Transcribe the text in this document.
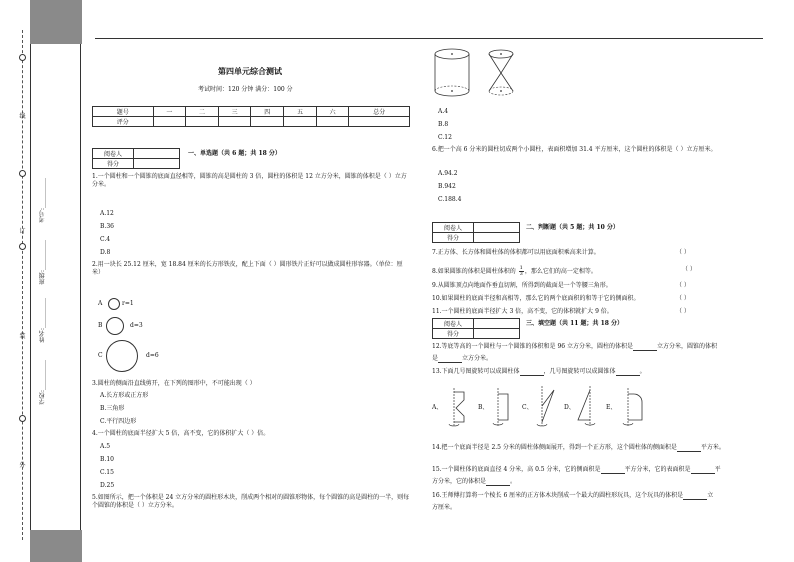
线
订
装
外
学校:__________
姓名:__________
班级:__________
考号:__________
第四单元综合测试
考试时间：120 分钟 满分：100 分
题号	一	二	三	四	五	六	总分
评分							
阅卷人	
得分	
一、单选题（共 6 题；共 18 分）
1.一个圆柱和一个圆锥的底面直径相等，圆锥的高是圆柱的 3 倍，圆柱的体积是 12 立方分米，圆锥的体积是（ ）立方分米。
A.12
B.36
C.4
D.8
2.用一块长 25.12 厘米，宽 18.84 厘米的长方形铁皮，配上下面（ ）圆形铁片正好可以做成圆柱形容器。（单位：厘米）
A	r=1
B	d=3
C	d=6
3.圆柱的侧面沿直线剪开，在下列的图形中，不可能出现（ ）
A.长方形或正方形
B.三角形
C.平行四边形
4.一个圆柱的底面半径扩大 5 倍，高不变，它的体积扩大（ ）倍。
A.5
B.10
C.15
D.25
5.如图所示，把一个体积是 24 立方分米的圆柱形木块，削成两个相对的圆锥形物体，每个圆锥的高是圆柱的一半，则每个圆锥的体积是（ ）立方分米。
A.4
B.8
C.12
6.把一个高 6 分米的圆柱切成两个小圆柱，表面积增加 31.4 平方厘米，这个圆柱的体积是（ ）立方厘米。
A.94.2
B.942
C.188.4
阅卷人	
得分	
二、判断题（共 5 题；共 10 分）
7.正方体、长方体和圆柱体的体积都可以用底面积乘高来计算。	（ ）
8.如果圆锥的体积是圆柱体积的 $\frac{1}{3}$，那么它们的高一定相等。	（ ）
9.从圆锥顶点向地面作垂直切割，所得到的截面是一个等腰三角形。	（ ）
10.如果圆柱的底面半径和高相等，那么它的两个底面积的和等于它的侧面积。	（ ）
11.一个圆柱的底面半径扩大 3 倍，高不变，它的体积就扩大 9 倍。	（ ）
阅卷人	
得分	
三、填空题（共 11 题；共 18 分）
12.等底等高的一个圆柱与一个圆锥的体积和是 96 立方分米，圆柱的体积是	立方分米，圆锥的体积
是	立方分米。
13.下面几号图旋转可以成圆柱体	，几号图旋转可以成圆锥体	。
A、	B、	C、	D、	E、
14.把一个底面半径是 2.5 分米的圆柱体侧面展开，得到一个正方形，这个圆柱体的侧面积是	平方米。
15.一个圆柱体的底面直径 4 分米，高 0.5 分米，它的侧面积是	平方分米，它的表面积是	平
方分米，它的体积是	。
16.王师傅打算将一个棱长 6 厘米的正方体木块削成一个最大的圆柱形玩具，这个玩具的体积是	立
方厘米。
